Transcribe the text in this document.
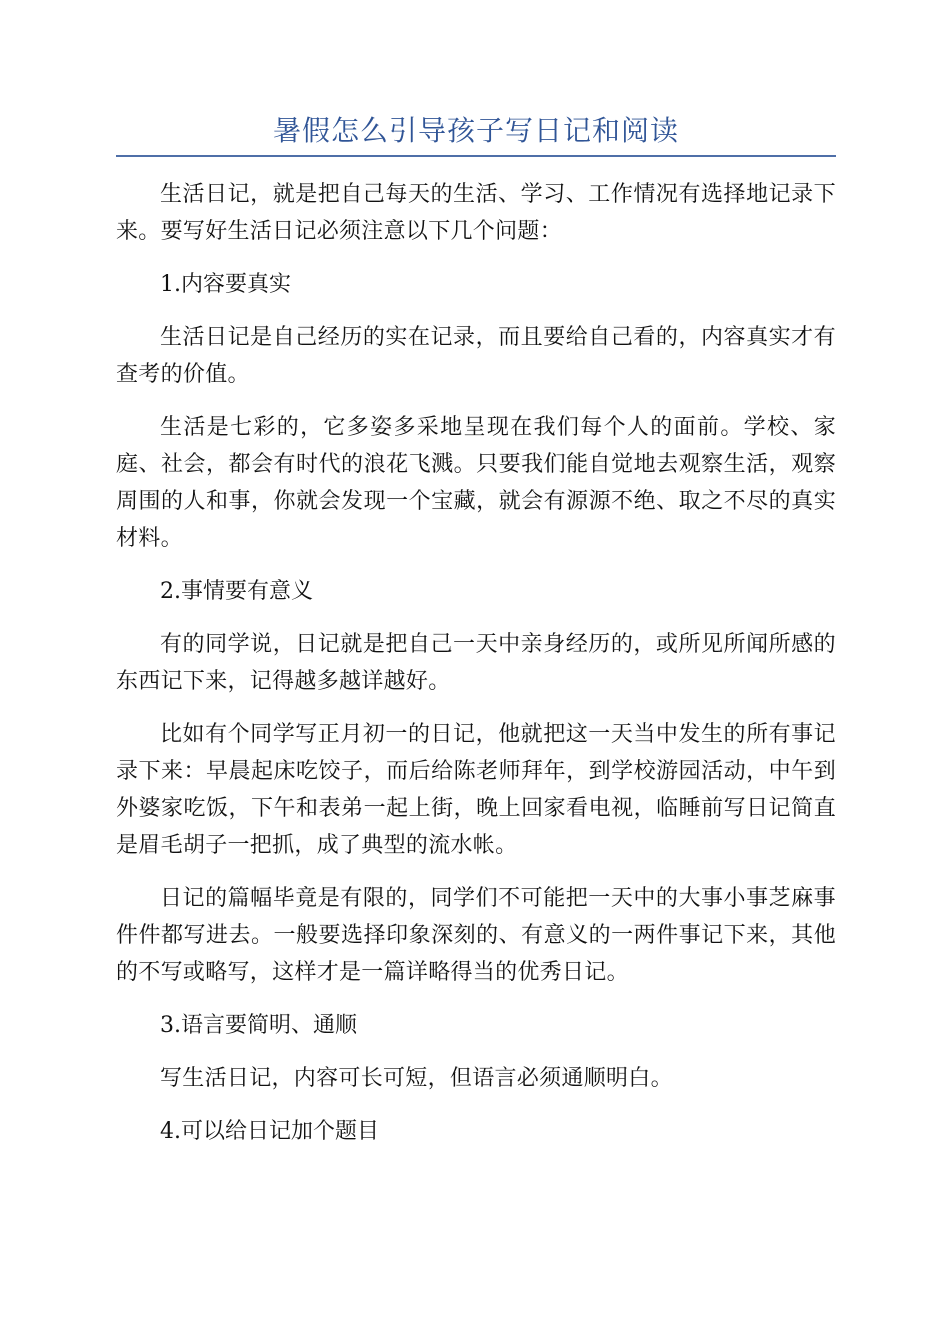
暑假怎么引导孩子写日记和阅读

生活日记，就是把自己每天的生活、学习、工作情况有选择地记录下来。要写好生活日记必须注意以下几个问题：

1.内容要真实

生活日记是自己经历的实在记录，而且要给自己看的，内容真实才有查考的价值。

生活是七彩的，它多姿多采地呈现在我们每个人的面前。学校、家庭、社会，都会有时代的浪花飞溅。只要我们能自觉地去观察生活，观察周围的人和事，你就会发现一个宝藏，就会有源源不绝、取之不尽的真实材料。

2.事情要有意义

有的同学说，日记就是把自己一天中亲身经历的，或所见所闻所感的东西记下来，记得越多越详越好。

比如有个同学写正月初一的日记，他就把这一天当中发生的所有事记录下来：早晨起床吃饺子，而后给陈老师拜年，到学校游园活动，中午到外婆家吃饭，下午和表弟一起上街，晚上回家看电视，临睡前写日记简直是眉毛胡子一把抓，成了典型的流水帐。

日记的篇幅毕竟是有限的，同学们不可能把一天中的大事小事芝麻事件件都写进去。一般要选择印象深刻的、有意义的一两件事记下来，其他的不写或略写，这样才是一篇详略得当的优秀日记。

3.语言要简明、通顺

写生活日记，内容可长可短，但语言必须通顺明白。

4.可以给日记加个题目
